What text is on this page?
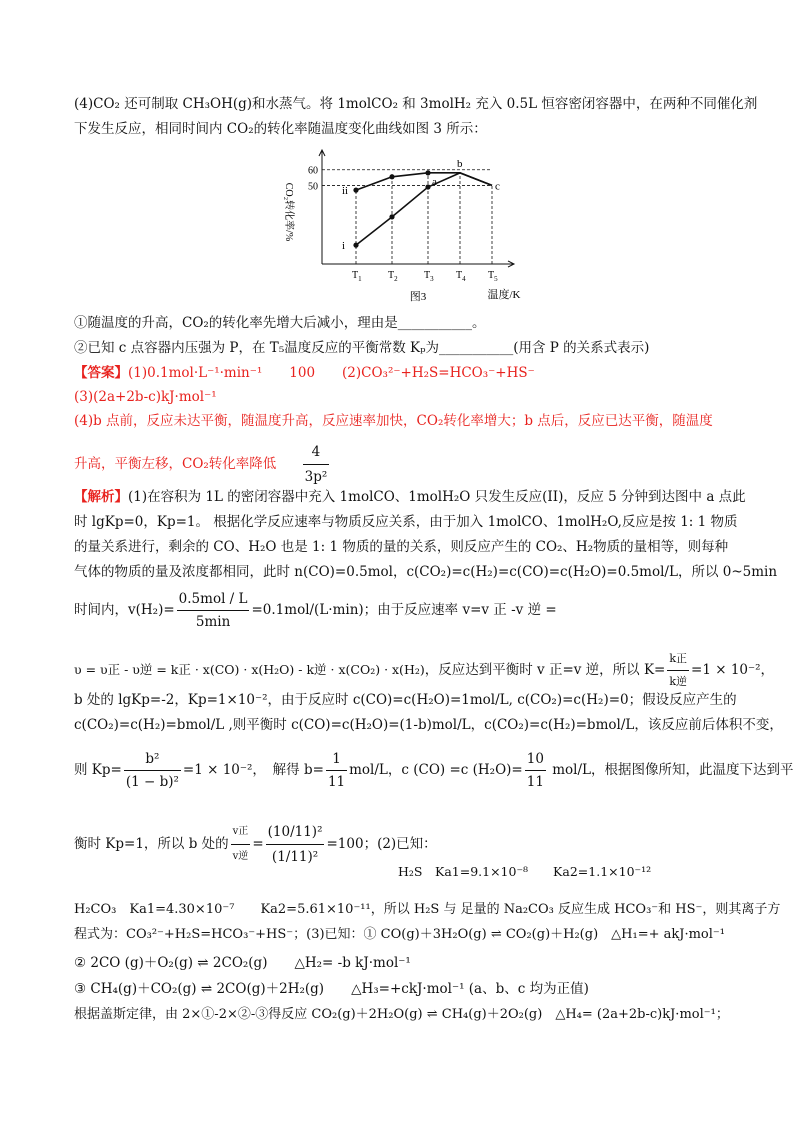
(4)CO₂ 还可制取 CH₃OH(g)和水蒸气。将 1molCO₂ 和 3molH₂ 充入 0.5L 恒容密闭容器中，在两种不同催化剂
下发生反应，相同时间内 CO₂的转化率随温度变化曲线如图 3 所示：
50
60
$T_1$	$T_2$	$T_3$ $T_4$ $T_5$
ii
i
a
b
c
CO₂转化率/%
温度/K
图3
①随温度的升高，CO₂的转化率先增大后减小，理由是___________。
②已知 c 点容器内压强为 P，在 T₅温度反应的平衡常数 Kₚ为___________(用含 P 的关系式表示)
【答案】(1)0.1mol·L⁻¹·min⁻¹　　100　　(2)CO₃²⁻+H₂S=HCO₃⁻+HS⁻
(3)(2a+2b-c)kJ·mol⁻¹
(4)b 点前，反应未达平衡，随温度升高，反应速率加快，CO₂转化率增大；b 点后，反应已达平衡，随温度
升高，平衡左移，CO₂转化率降低 $\frac{4}{\text{3p²}}$
【解析】(1)在容积为 1L 的密闭容器中充入 1molCO、1molH₂O 只发生反应(II)，反应 5 分钟到达图中 a 点此
时 lgKp=0，Kp=1。 根据化学反应速率与物质反应关系，由于加入 1molCO、1molH₂O,反应是按 1: 1 物质
的量关系进行，剩余的 CO、H₂O 也是 1: 1 物质的量的关系，则反应产生的 CO₂、H₂物质的量相等，则每种
气体的物质的量及浓度都相同，此时 n(CO)=0.5mol，c(CO₂)=c(H₂)=c(CO)=c(H₂O)=0.5mol/L，所以 0~5min
时间内，$v(H_2)= \frac{\text{0.5mol / L}}{5\min} =0.1mol/(L\cdot\min)$；由于反应速率 v=v 正 -v 逆 =
υ = υ正 - υ逆 = k正 · x(CO) · x(H₂O) - k逆 · x(CO₂) · x(H₂)，反应达到平衡时 v 正=v 逆，所以 $K= \frac{\text{k正}}{\text{k逆}} =1 \times 10^{-2}$，
b 处的 lgKp=-2，Kp=1×10⁻²，由于反应时 c(CO)=c(H₂O)=1mol/L, c(CO₂)=c(H₂)=0；假设反应产生的
c(CO₂)=c(H₂)=bmol/L ,则平衡时 c(CO)=c(H₂O)=(1-b)mol/L，c(CO₂)=c(H₂)=bmol/L，该反应前后体积不变，
则 $Kp= \frac{\text{b²}}{\text{(1 − b)²}} =1 \times 10^{-2}$，　解得 $b= \frac{1}{11} mol/L$，c (CO) =c $(H_2O)= \frac{10}{11} mol/L$，根据图像所知，此温度下达到平
衡时 Kp=1，所以 b 处的 $\frac{\text{v正}}{\text{v逆}} = \frac{\text{(10/11)²}}{\text{(1/11)²}} =100$；(2)已知：
H₂S　Ka1=9.1×10⁻⁸　　Ka2=1.1×10⁻¹²
H₂CO₃　Ka1=4.30×10⁻⁷　　Ka2=5.61×10⁻¹¹，所以 H₂S 与 足量的 Na₂CO₃ 反应生成 HCO₃⁻和 HS⁻，则其离子方
程式为：CO₃²⁻+H₂S=HCO₃⁻+HS⁻；(3)已知：① CO(g)＋3H₂O(g) ⇌ CO₂(g)＋H₂(g)　△H₁=+ akJ·mol⁻¹
② 2CO (g)＋O₂(g) ⇌ 2CO₂(g)　　△H₂= -b kJ·mol⁻¹
③ CH₄(g)＋CO₂(g) ⇌ 2CO(g)＋2H₂(g)　　△H₃=+ckJ·mol⁻¹ (a、b、c 均为正值)
根据盖斯定律，由 2×①-2×②-③得反应 CO₂(g)＋2H₂O(g) ⇌ CH₄(g)＋2O₂(g)　△H₄= (2a+2b-c)kJ·mol⁻¹；
